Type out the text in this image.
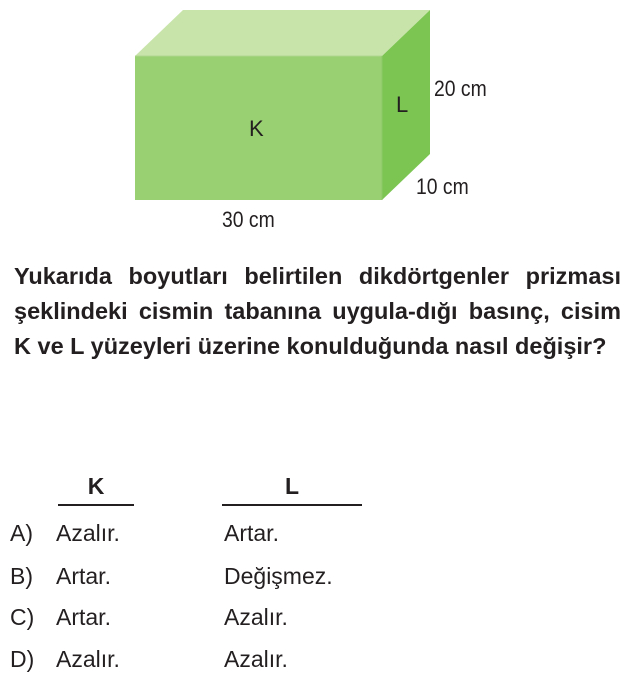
K
L
20 cm
10 cm
30 cm

Yukarıda boyutları belirtilen dikdörtgenler prizması şeklindeki cismin tabanına uygula-dığı basınç, cisim K ve L yüzeyleri üzerine konulduğunda nasıl değişir?

K	L
A) Azalır.	Artar.
B) Artar.	Değişmez.
C) Artar.	Azalır.
D) Azalır.	Azalır.
